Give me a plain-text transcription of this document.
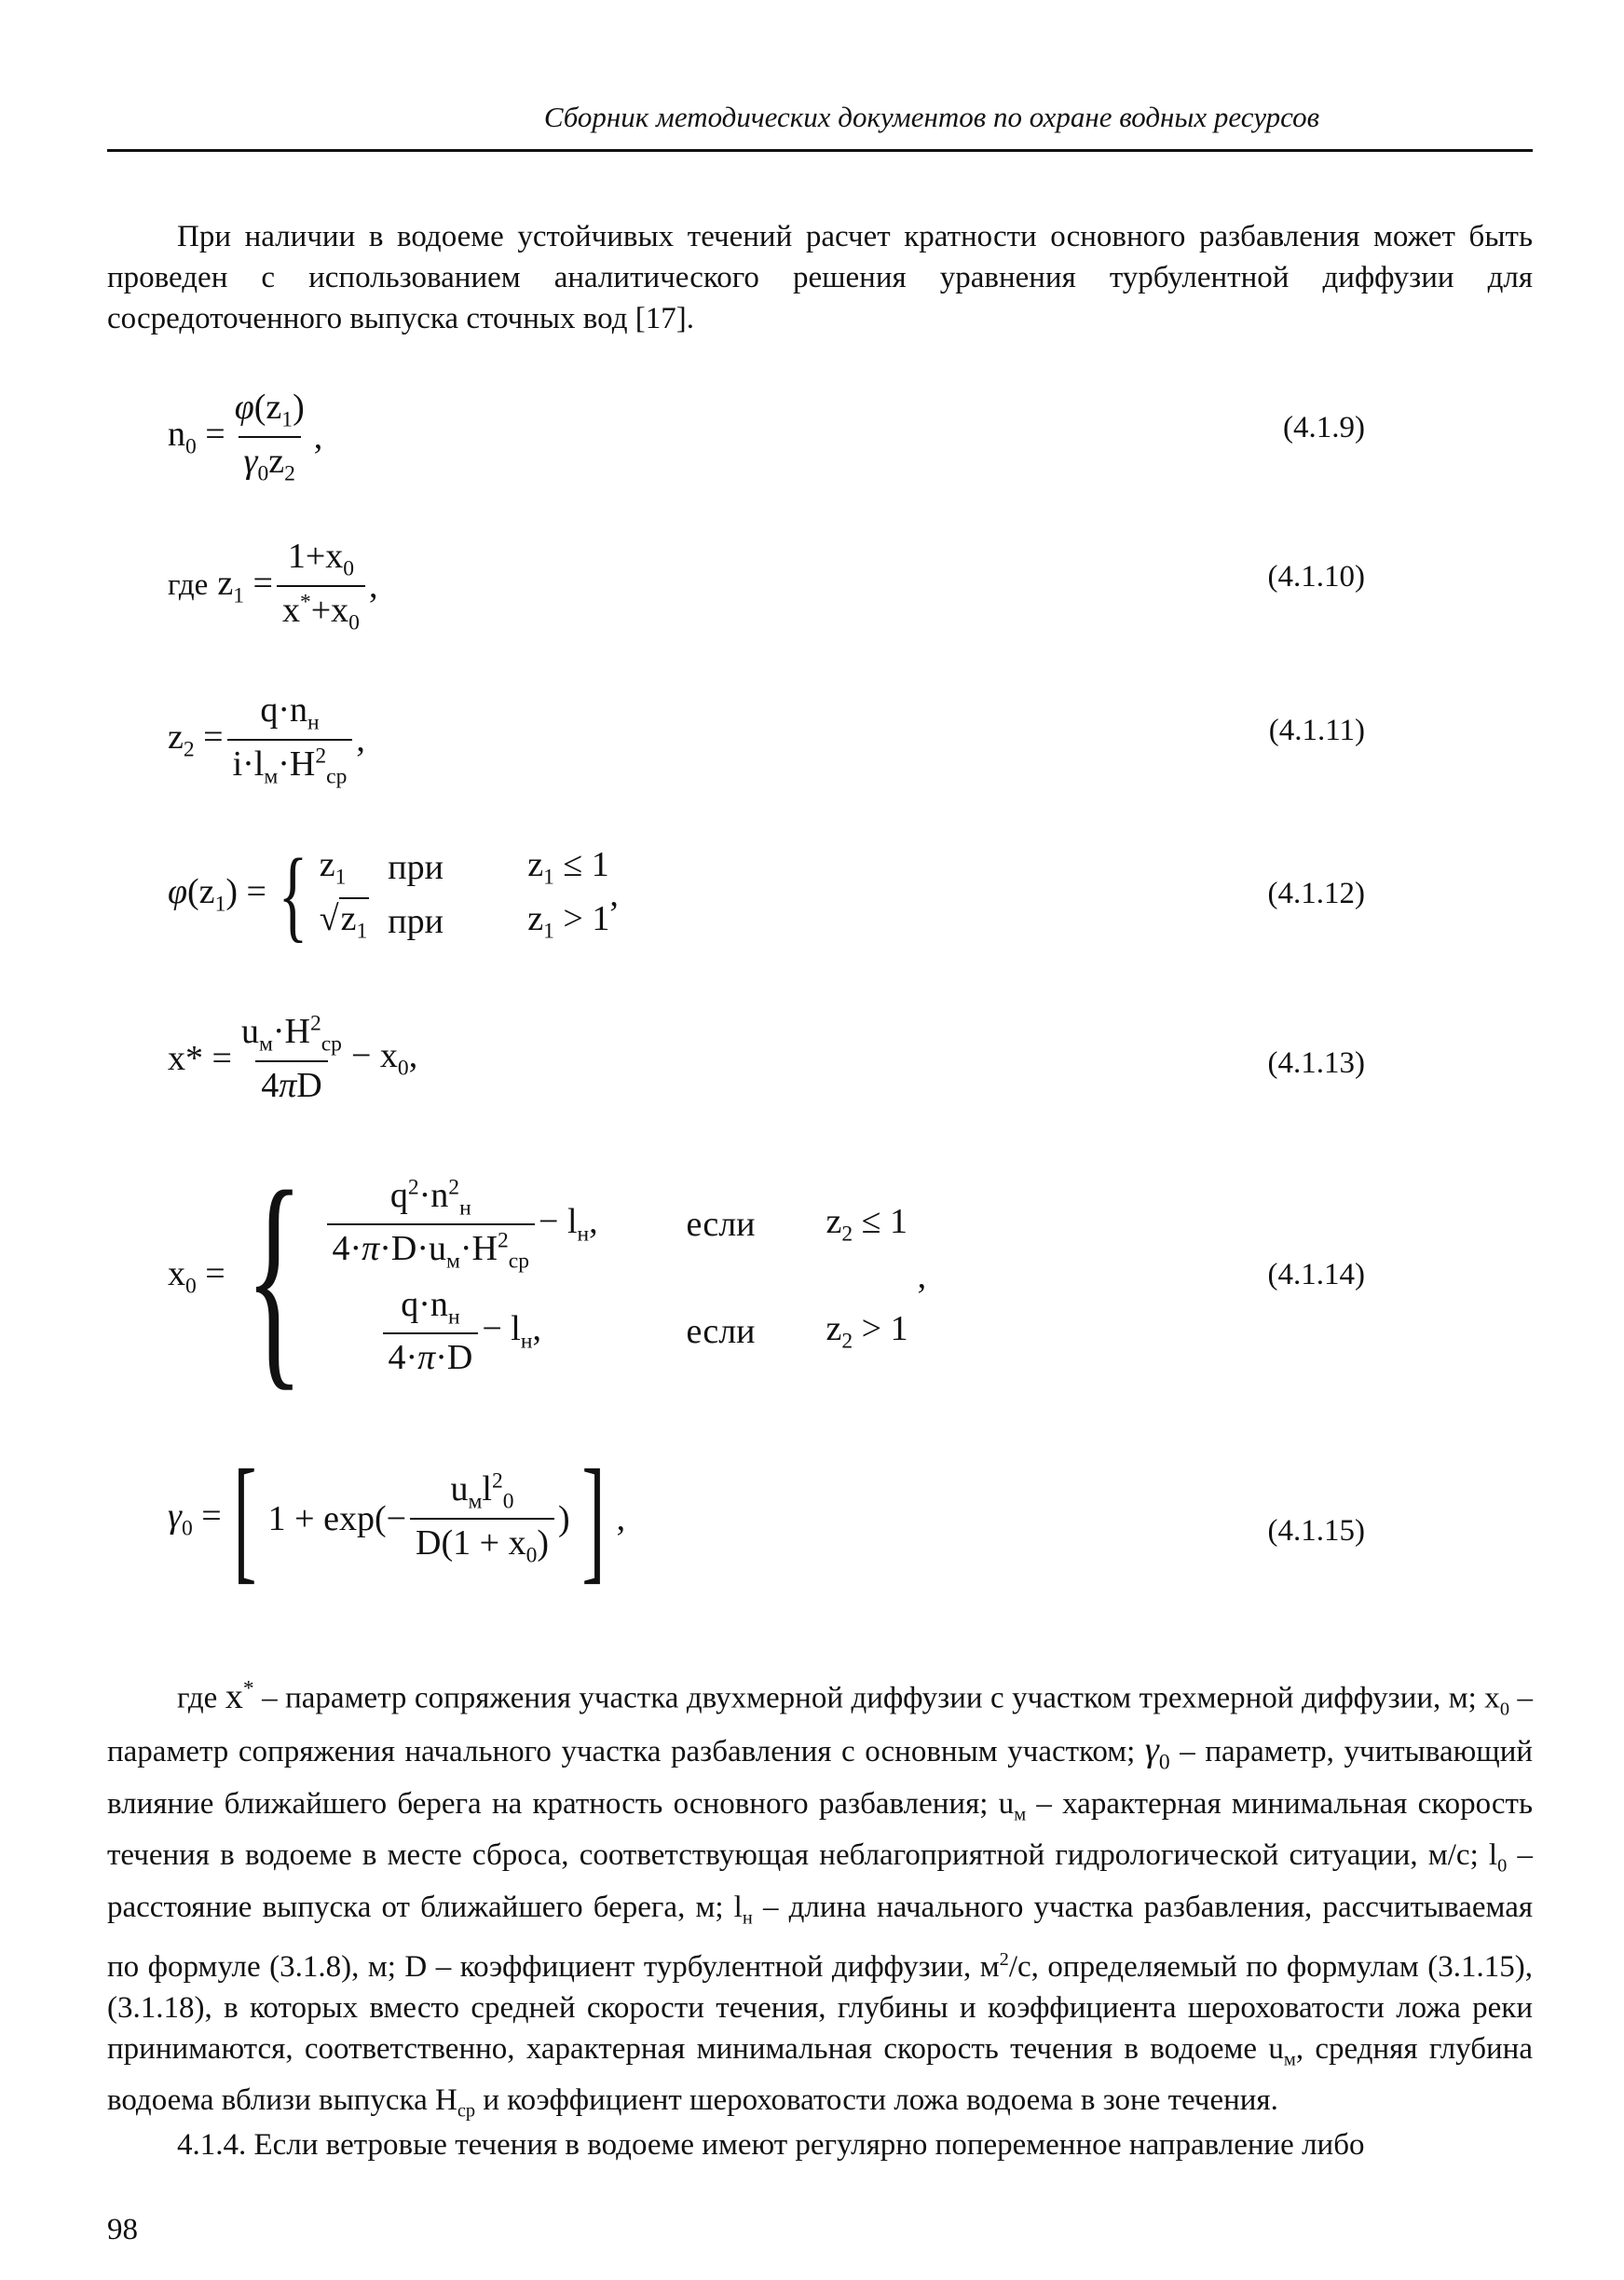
Сборник методических документов по охране водных ресурсов

При наличии в водоеме устойчивых течений расчет кратности основного разбавления может быть проведен с использованием аналитического решения уравнения турбулентной диффузии для сосредоточенного выпуска сточных вод [17].

$n_0 = \frac{\varphi(z_1)}{\gamma_0z_2}$ ,	(4.1.9)
где $z_1 = \frac{1+x_0}{x^*+x_0}$ ,	(4.1.10)
$z_2 = \frac{q\cdot n_н}{i\cdot l_м\cdot H^2_{ср}}$ ,	(4.1.11)
$\varphi(z_1)$ = { $z_1$	при	$z_1 \le 1$
$√z_1$ при	$z_1 > 1$
,	(4.1.12)
$x* = \frac{u_м\cdot H^2_{ср}}{4\pi D} - x_0$,	(4.1.13)
$x_0$ = { $\frac{q^2\cdot n^2_н}{4\cdot\pi\cdot D\cdot u_м\cdot H^2_{ср}} - l_н$, если	$z_2 \le 1$
$\frac{q\cdot n_н}{4\cdot\pi\cdot D} - l_н$,	если	$z_2 > 1$
,	(4.1.14)
$\gamma_0$ = [ $1 + \exp(- \frac{u_мl^2_0}{D(1 + x_0)}$ ) ] ,	(4.1.15)

где x* – параметр сопряжения участка двухмерной диффузии с участком трехмерной диффузии, м; $x_0$ – параметр сопряжения начального участка разбавления с основным участком; $\gamma_0$ – параметр, учитывающий влияние ближайшего берега на кратность основного разбавления; $u_м$ – характерная минимальная скорость течения в водоеме в месте сброса, соответствующая неблагоприятной гидрологической ситуации, м/с; $l_0$ – расстояние выпуска от ближайшего берега, м; $l_н$ – длина начального участка разбавления, рассчитываемая по формуле (3.1.8), м; D – коэффициент турбулентной диффузии, $м^2/с$, определяемый по формулам (3.1.15), (3.1.18), в которых вместо средней скорости течения, глубины и коэффициента шероховатости ложа реки принимаются, соответственно, характерная минимальная скорость течения в водоеме $u_м$, средняя глубина водоема вблизи выпуска $H_{ср}$ и коэффициент шероховатости ложа водоема в зоне течения.

4.1.4. Если ветровые течения в водоеме имеют регулярно попеременное направление либо

98
